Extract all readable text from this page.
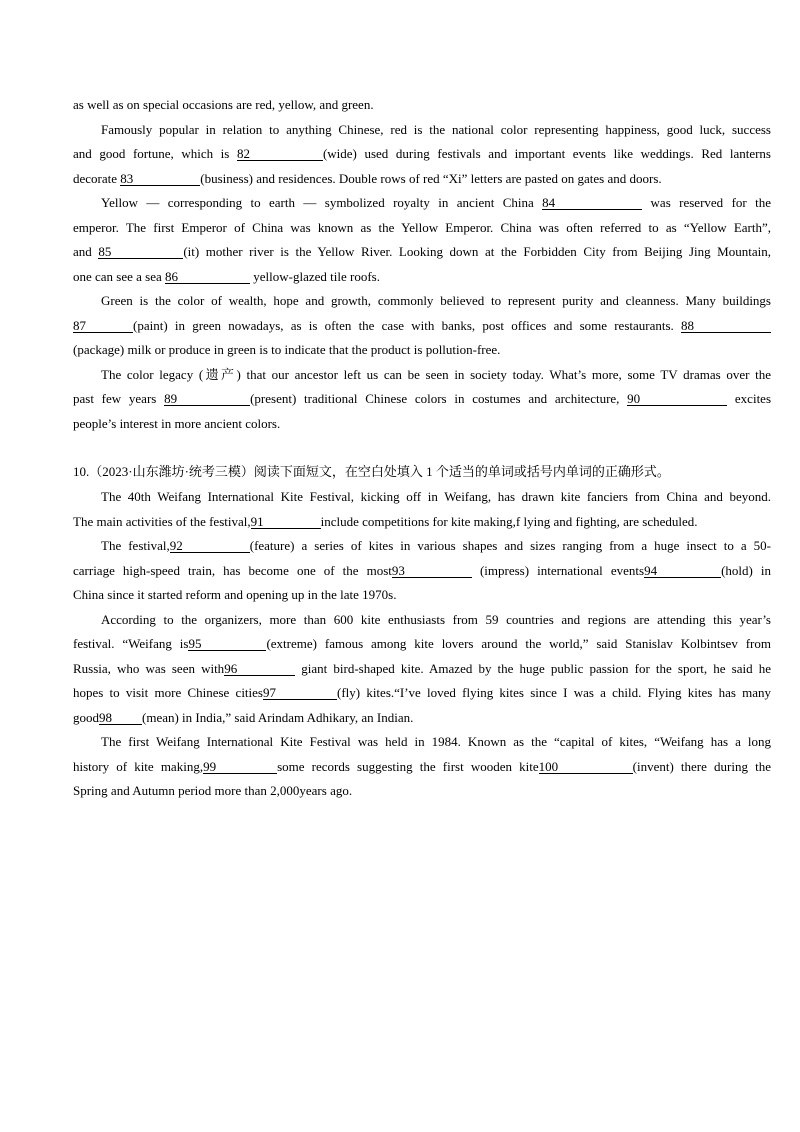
as well as on special occasions are red, yellow, and green.
Famously popular in relation to anything Chinese, red is the national color representing happiness, good luck, success
and good fortune, which is 82	(wide) used during festivals and important events like weddings. Red lanterns
decorate 83	(business) and residences. Double rows of red “Xi” letters are pasted on gates and doors.
Yellow — corresponding to earth — symbolized royalty in ancient China 84	was reserved for the
emperor. The first Emperor of China was known as the Yellow Emperor. China was often referred to as “Yellow Earth”,
and 85	(it) mother river is the Yellow River. Looking down at the Forbidden City from Beijing Jing Mountain,
one can see a sea 86	yellow-glazed tile roofs.
Green is the color of wealth, hope and growth, commonly believed to represent purity and cleanness. Many buildings
87	(paint) in green nowadays, as is often the case with banks, post offices and some restaurants. 88
(package) milk or produce in green is to indicate that the product is pollution-free.
The color legacy (遗产) that our ancestor left us can be seen in society today. What’s more, some TV dramas over the
past few years 89	(present) traditional Chinese colors in costumes and architecture, 90	excites
people’s interest in more ancient colors.
10.（2023·山东潍坊·统考三模）阅读下面短文，在空白处填入 1 个适当的单词或括号内单词的正确形式。
The 40th Weifang International Kite Festival, kicking off in Weifang, has drawn kite fanciers from China and beyond.
The main activities of the festival,91	include competitions for kite making,f lying and fighting, are scheduled.
The festival,92	(feature) a series of kites in various shapes and sizes ranging from a huge insect to a 50-
carriage high-speed train, has become one of the most93	(impress) international events94	(hold) in
China since it started reform and opening up in the late 1970s.
According to the organizers, more than 600 kite enthusiasts from 59 countries and regions are attending this year’s
festival. “Weifang is95	(extreme) famous among kite lovers around the world,” said Stanislav Kolbintsev from
Russia, who was seen with96	giant bird-shaped kite. Amazed by the huge public passion for the sport, he said he
hopes to visit more Chinese cities97	(fly) kites.“I’ve loved flying kites since I was a child. Flying kites has many
good98 (mean) in India,” said Arindam Adhikary, an Indian.
The first Weifang International Kite Festival was held in 1984. Known as the “capital of kites, “Weifang has a long
history of kite making,99	some records suggesting the first wooden kite100	(invent) there during the
Spring and Autumn period more than 2,000years ago.
